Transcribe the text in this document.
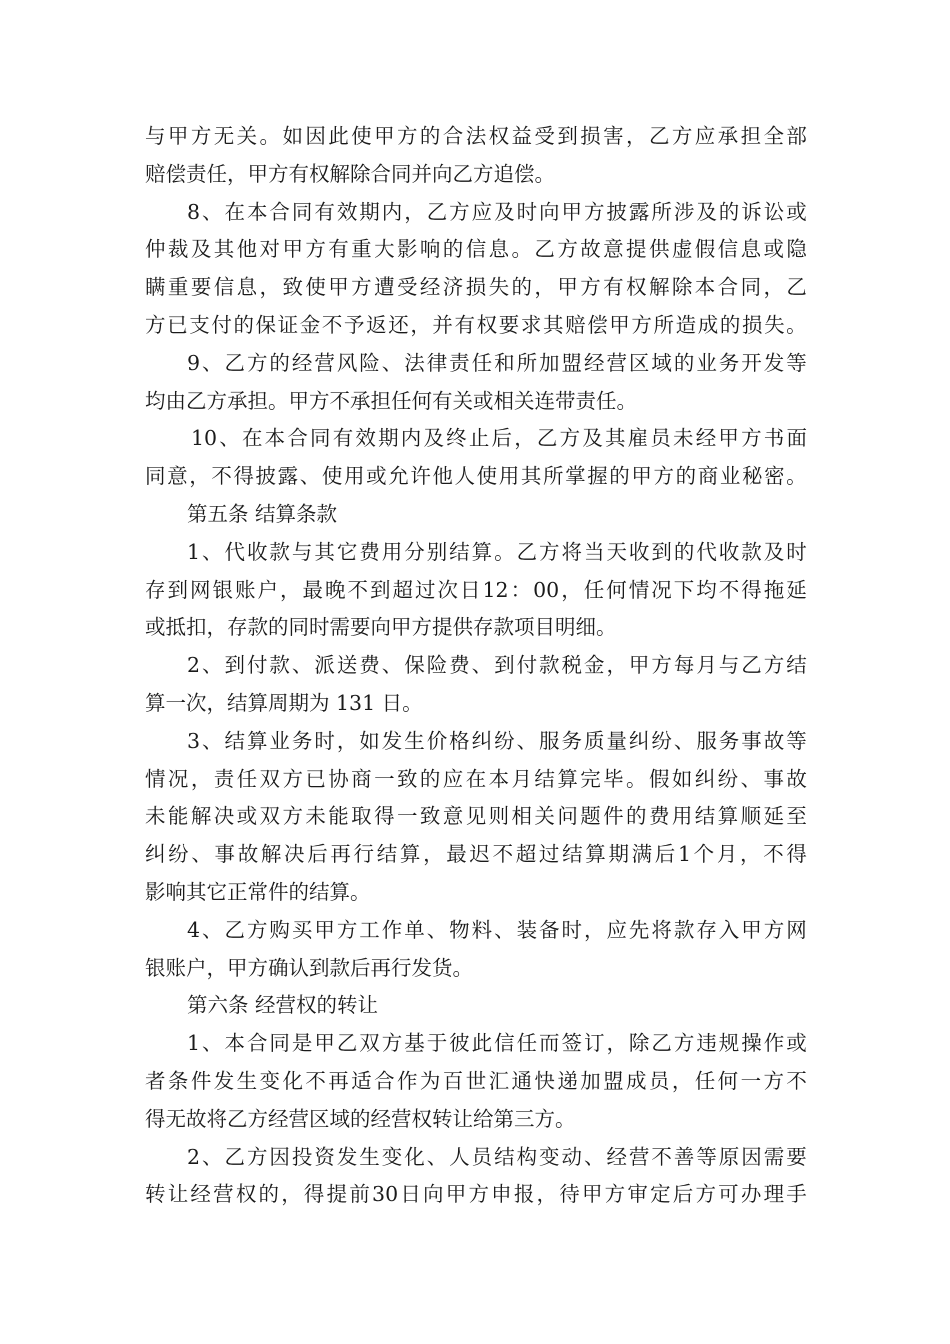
与 甲 方 无 关 。 如 因 此 使 甲 方 的 合 法 权 益 受 到 损 害 ， 乙 方 应 承 担 全 部
赔偿责任，甲方有权解除合同并向乙方追偿。
8 、 在 本 合 同 有 效 期 内 ， 乙 方 应 及 时 向 甲 方 披 露 所 涉 及 的 诉 讼 或
仲 裁 及 其 他 对 甲 方 有 重 大 影 响 的 信 息 。 乙 方 故 意 提 供 虚 假 信 息 或 隐
瞒 重 要 信 息 ， 致 使 甲 方 遭 受 经 济 损 失 的 ， 甲 方 有 权 解 除 本 合 同 ， 乙
方 已 支 付 的 保 证 金 不 予 返 还 ， 并 有 权 要 求 其 赔 偿 甲 方 所 造 成 的 损 失 。
9 、 乙 方 的 经 营 风 险 、 法 律 责 任 和 所 加 盟 经 营 区 域 的 业 务 开 发 等
均由乙方承担。甲方不承担任何有关或相关连带责任。
10 、 在 本 合 同 有 效 期 内 及 终 止 后 ， 乙 方 及 其 雇 员 未 经 甲 方 书 面
同 意 ， 不 得 披 露 、 使 用 或 允 许 他 人 使 用 其 所 掌 握 的 甲 方 的 商 业 秘 密 。
第五条 结算条款
1 、 代 收 款 与 其 它 费 用 分 别 结 算 。 乙 方 将 当 天 收 到 的 代 收 款 及 时
存 到 网 银 账 户 ， 最 晚 不 到 超 过 次 日 12 ： 00 ， 任 何 情 况 下 均 不 得 拖 延
或抵扣，存款的同时需要向甲方提供存款项目明细。
2 、 到 付 款 、 派 送 费 、 保 险 费 、 到 付 款 税 金 ， 甲 方 每 月 与 乙 方 结
算一次，结算周期为 131 日。
3 、 结 算 业 务 时 ， 如 发 生 价 格 纠 纷 、 服 务 质 量 纠 纷 、 服 务 事 故 等
情 况 ， 责 任 双 方 已 协 商 一 致 的 应 在 本 月 结 算 完 毕 。 假 如 纠 纷 、 事 故
未 能 解 决 或 双 方 未 能 取 得 一 致 意 见 则 相 关 问 题 件 的 费 用 结 算 顺 延 至
纠 纷 、 事 故 解 决 后 再 行 结 算 ， 最 迟 不 超 过 结 算 期 满 后 1 个 月 ， 不 得
影响其它正常件的结算。
4 、 乙 方 购 买 甲 方 工 作 单 、 物 料 、 装 备 时 ， 应 先 将 款 存 入 甲 方 网
银账户，甲方确认到款后再行发货。
第六条 经营权的转让
1 、 本 合 同 是 甲 乙 双 方 基 于 彼 此 信 任 而 签 订 ， 除 乙 方 违 规 操 作 或
者 条 件 发 生 变 化 不 再 适 合 作 为 百 世 汇 通 快 递 加 盟 成 员 ， 任 何 一 方 不
得无故将乙方经营区域的经营权转让给第三方。
2 、 乙 方 因 投 资 发 生 变 化 、 人 员 结 构 变 动 、 经 营 不 善 等 原 因 需 要
转 让 经 营 权 的 ， 得 提 前 30 日 向 甲 方 申 报 ， 待 甲 方 审 定 后 方 可 办 理 手
